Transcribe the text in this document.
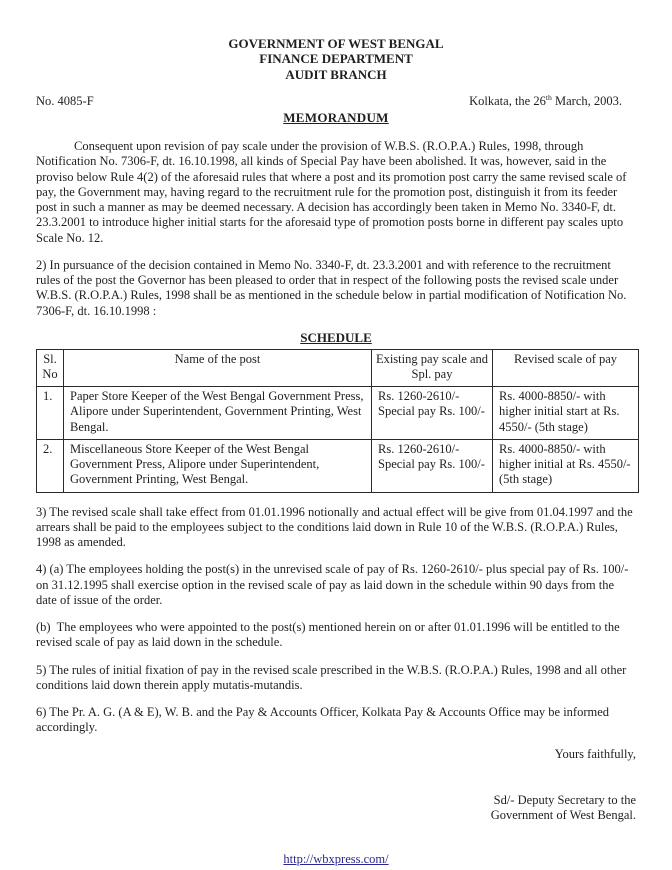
GOVERNMENT OF WEST BENGAL
FINANCE DEPARTMENT
AUDIT BRANCH
No. 4085-F	Kolkata, the 26th March, 2003.
MEMORANDUM

Consequent upon revision of pay scale under the provision of W.B.S. (R.O.P.A.) Rules, 1998, through Notification No. 7306-F, dt. 16.10.1998, all kinds of Special Pay have been abolished. It was, however, said in the proviso below Rule 4(2) of the aforesaid rules that where a post and its promotion post carry the same revised scale of pay, the Government may, having regard to the recruitment rule for the promotion post, distinguish it from its feeder post in such a manner as may be deemed necessary. A decision has accordingly been taken in Memo No. 3340-F, dt. 23.3.2001 to introduce higher initial starts for the aforesaid type of promotion posts borne in different pay scales upto Scale No. 12.

2) In pursuance of the decision contained in Memo No. 3340-F, dt. 23.3.2001 and with reference to the recruitment rules of the post the Governor has been pleased to order that in respect of the following posts the revised scale under W.B.S. (R.O.P.A.) Rules, 1998 shall be as mentioned in the schedule below in partial modification of Notification No. 7306-F, dt. 16.10.1998 :

SCHEDULE
Sl. No	Name of the post	Existing pay scale and Spl. pay	Revised scale of pay
1.	Paper Store Keeper of the West Bengal Government Press, Alipore under Superintendent, Government Printing, West Bengal.	Rs. 1260-2610/- Special pay Rs. 100/-	Rs. 4000-8850/- with higher initial start at Rs. 4550/- (5th stage)
2.	Miscellaneous Store Keeper of the West Bengal Government Press, Alipore under Superintendent, Government Printing, West Bengal.	Rs. 1260-2610/- Special pay Rs. 100/-	Rs. 4000-8850/- with higher initial at Rs. 4550/- (5th stage)

3) The revised scale shall take effect from 01.01.1996 notionally and actual effect will be give from 01.04.1997 and the arrears shall be paid to the employees subject to the conditions laid down in Rule 10 of the W.B.S. (R.O.P.A.) Rules, 1998 as amended.

4) (a) The employees holding the post(s) in the unrevised scale of pay of Rs. 1260-2610/- plus special pay of Rs. 100/- on 31.12.1995 shall exercise option in the revised scale of pay as laid down in the schedule within 90 days from the date of issue of the order.

(b)  The employees who were appointed to the post(s) mentioned herein on or after 01.01.1996 will be entitled to the revised scale of pay as laid down in the schedule.

5) The rules of initial fixation of pay in the revised scale prescribed in the W.B.S. (R.O.P.A.) Rules, 1998 and all other conditions laid down therein apply mutatis-mutandis.

6) The Pr. A. G. (A & E), W. B. and the Pay & Accounts Officer, Kolkata Pay & Accounts Office may be informed accordingly.

Yours faithfully,
Sd/- Deputy Secretary to the
Government of West Bengal.
http://wbxpress.com/
